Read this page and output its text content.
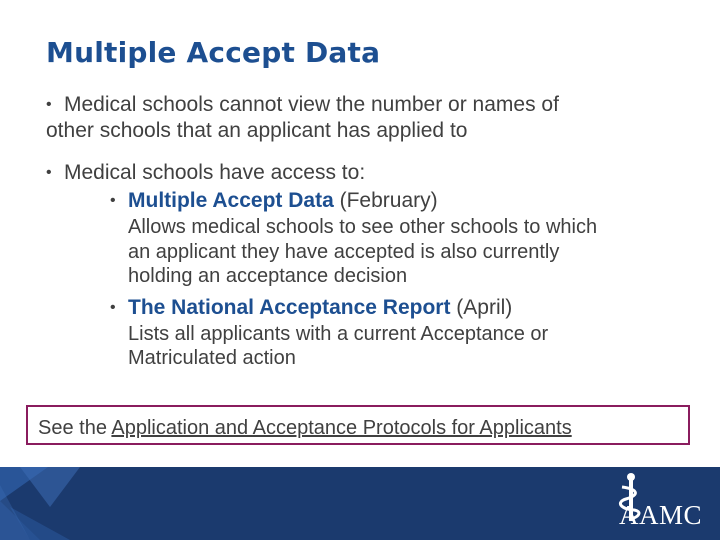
Multiple Accept Data
• Medical schools cannot view the number or names of
other schools that an applicant has applied to
• Medical schools have access to:
• Multiple Accept Data (February)
Allows medical schools to see other schools to which
an applicant they have accepted is also currently
holding an acceptance decision
• The National Acceptance Report (April)
Lists all applicants with a current Acceptance or
Matriculated action
See the Application and Acceptance Protocols for Applicants
AAMC
